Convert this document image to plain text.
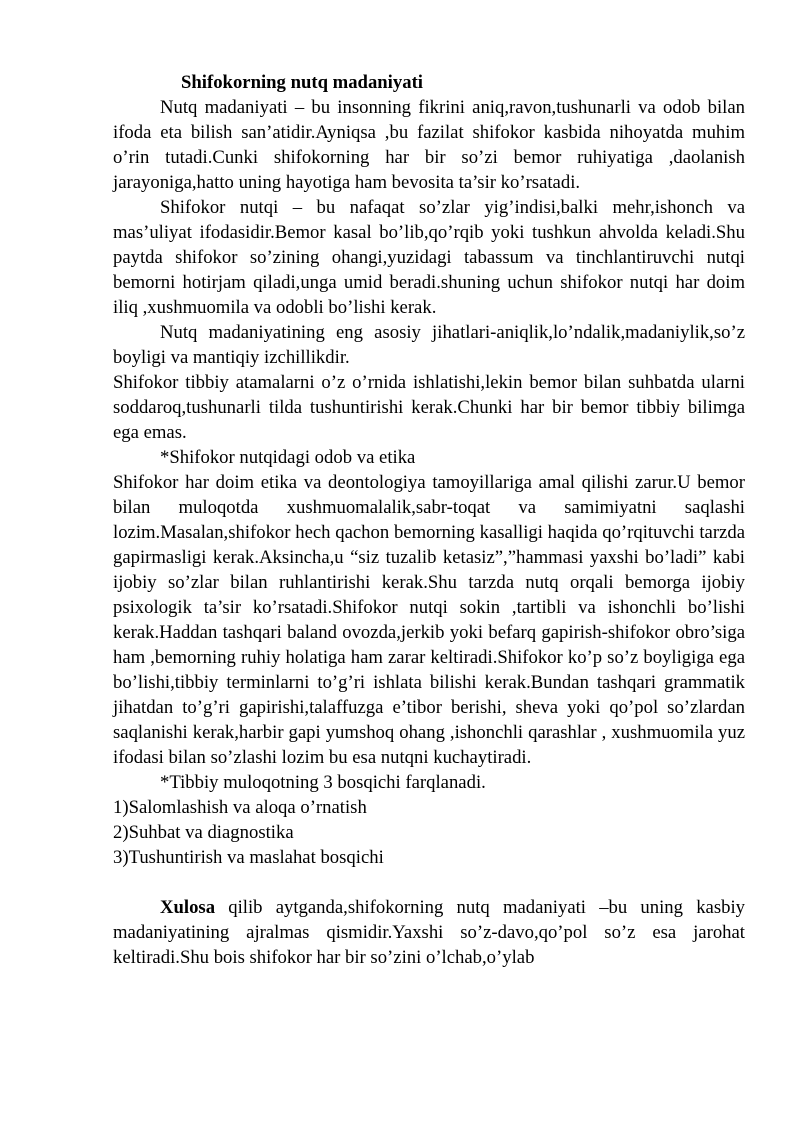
Shifokorning nutq madaniyati

Nutq madaniyati – bu insonning fikrini aniq,ravon,tushunarli va odob bilan ifoda eta bilish san’atidir.Ayniqsa ,bu fazilat shifokor kasbida nihoyatda muhim o’rin tutadi.Cunki shifokorning har bir so’zi bemor ruhiyatiga ,daolanish jarayoniga,hatto uning hayotiga ham bevosita ta’sir ko’rsatadi.

Shifokor nutqi – bu nafaqat so’zlar yig’indisi,balki mehr,ishonch va mas’uliyat ifodasidir.Bemor kasal bo’lib,qo’rqib yoki tushkun ahvolda keladi.Shu paytda shifokor so’zining ohangi,yuzidagi tabassum va tinchlantiruvchi nutqi bemorni hotirjam qiladi,unga umid beradi.shuning uchun shifokor nutqi har doim iliq ,xushmuomila va odobli bo’lishi kerak.

Nutq madaniyatining eng asosiy jihatlari-aniqlik,lo’ndalik,madaniylik,so’z boyligi va mantiqiy izchillikdir.

Shifokor tibbiy atamalarni o’z o’rnida ishlatishi,lekin bemor bilan suhbatda ularni soddaroq,tushunarli tilda tushuntirishi kerak.Chunki har bir bemor tibbiy bilimga ega emas.

*Shifokor nutqidagi odob va etika

Shifokor har doim etika va deontologiya tamoyillariga amal qilishi zarur.U bemor bilan muloqotda xushmuomalalik,sabr-toqat va samimiyatni saqlashi lozim.Masalan,shifokor hech qachon bemorning kasalligi haqida qo’rqituvchi tarzda gapirmasligi kerak.Aksincha,u “siz tuzalib ketasiz”,”hammasi yaxshi bo’ladi” kabi ijobiy so’zlar bilan ruhlantirishi kerak.Shu tarzda nutq orqali bemorga ijobiy psixologik ta’sir ko’rsatadi.Shifokor nutqi sokin ,tartibli va ishonchli bo’lishi kerak.Haddan tashqari baland ovozda,jerkib yoki befarq gapirish-shifokor obro’siga ham ,bemorning ruhiy holatiga ham zarar keltiradi.Shifokor ko’p so’z boyligiga ega bo’lishi,tibbiy terminlarni to’g’ri ishlata bilishi kerak.Bundan tashqari grammatik jihatdan to’g’ri gapirishi,talaffuzga e’tibor berishi, sheva yoki qo’pol so’zlardan saqlanishi kerak,harbir gapi yumshoq ohang ,ishonchli qarashlar , xushmuomila yuz ifodasi bilan so’zlashi lozim bu esa nutqni kuchaytiradi.

*Tibbiy muloqotning 3 bosqichi farqlanadi.

1)Salomlashish va aloqa o’rnatish

2)Suhbat va diagnostika

3)Tushuntirish va maslahat bosqichi

Xulosa qilib aytganda,shifokorning nutq madaniyati –bu uning kasbiy madaniyatining ajralmas qismidir.Yaxshi so’z-davo,qo’pol so’z esa jarohat keltiradi.Shu bois shifokor har bir so’zini o’lchab,o’ylab
